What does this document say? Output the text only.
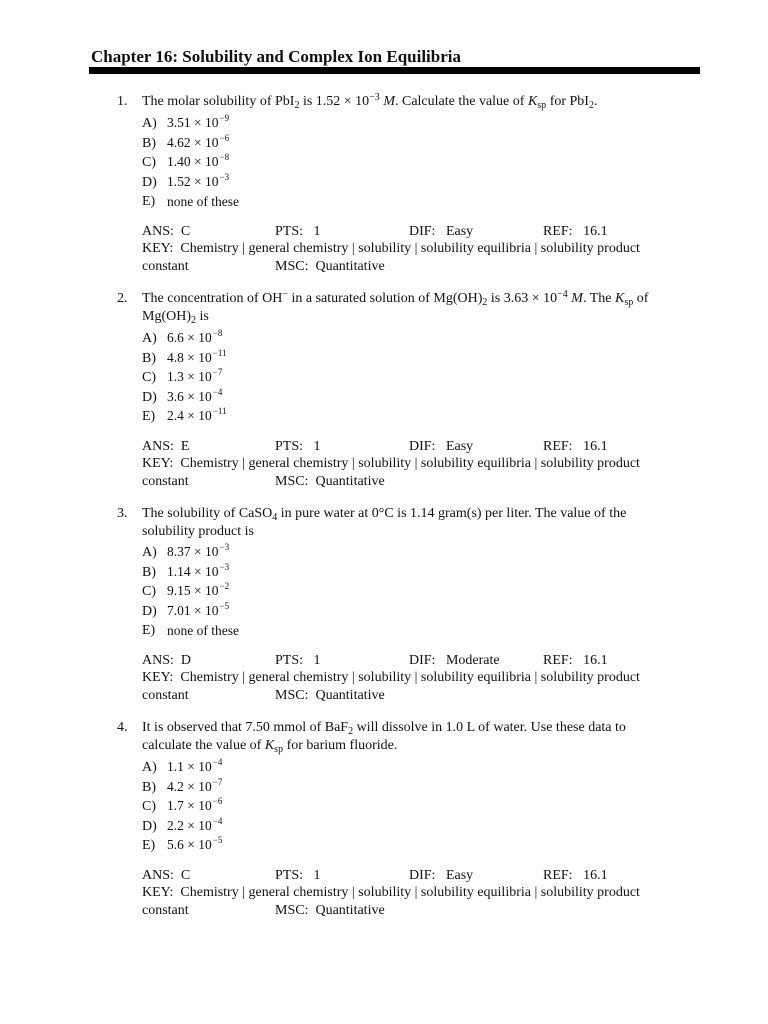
Chapter 16: Solubility and Complex Ion Equilibria
1. The molar solubility of PbI$_2$ is $1.52 \times 10^{-3}$ M. Calculate the value of $K_{sp}$ for PbI$_2$.
A) $3.51 \times 10^{-9}$
B) $4.62 \times 10^{-6}$
C) $1.40 \times 10^{-8}$
D) $1.52 \times 10^{-3}$
E) none of these
ANS: C	PTS: 1	DIF: Easy	REF: 16.1
KEY: Chemistry | general chemistry | solubility | solubility equilibria | solubility product
constant	MSC: Quantitative
2. The concentration of OH− in a saturated solution of $Mg(OH)_2$ is $3.63 \times 10^{-4}$ M. The $K_{sp}$ of
$Mg(OH)_2$ is
A) $6.6 \times 10^{-8}$
B) $4.8 \times 10^{-11}$
C) $1.3 \times 10^{-7}$
D) $3.6 \times 10^{-4}$
E) $2.4 \times 10^{-11}$
ANS: E	PTS: 1	DIF: Easy	REF: 16.1
KEY: Chemistry | general chemistry | solubility | solubility equilibria | solubility product
constant	MSC: Quantitative
3. The solubility of CaSO$_4$ in pure water at 0°C is 1.14 gram(s) per liter. The value of the
solubility product is
A) $8.37 \times 10^{-3}$
B) $1.14 \times 10^{-3}$
C) $9.15 \times 10^{-2}$
D) $7.01 \times 10^{-5}$
E) none of these
ANS: D	PTS: 1	DIF: Moderate	REF: 16.1
KEY: Chemistry | general chemistry | solubility | solubility equilibria | solubility product
constant	MSC: Quantitative
4. It is observed that 7.50 mmol of BaF$_2$ will dissolve in 1.0 L of water. Use these data to
calculate the value of $K_{sp}$ for barium fluoride.
A) $1.1 \times 10^{-4}$
B) $4.2 \times 10^{-7}$
C) $1.7 \times 10^{-6}$
D) $2.2 \times 10^{-4}$
E) $5.6 \times 10^{-5}$
ANS: C	PTS: 1	DIF: Easy	REF: 16.1
KEY: Chemistry | general chemistry | solubility | solubility equilibria | solubility product
constant	MSC: Quantitative
